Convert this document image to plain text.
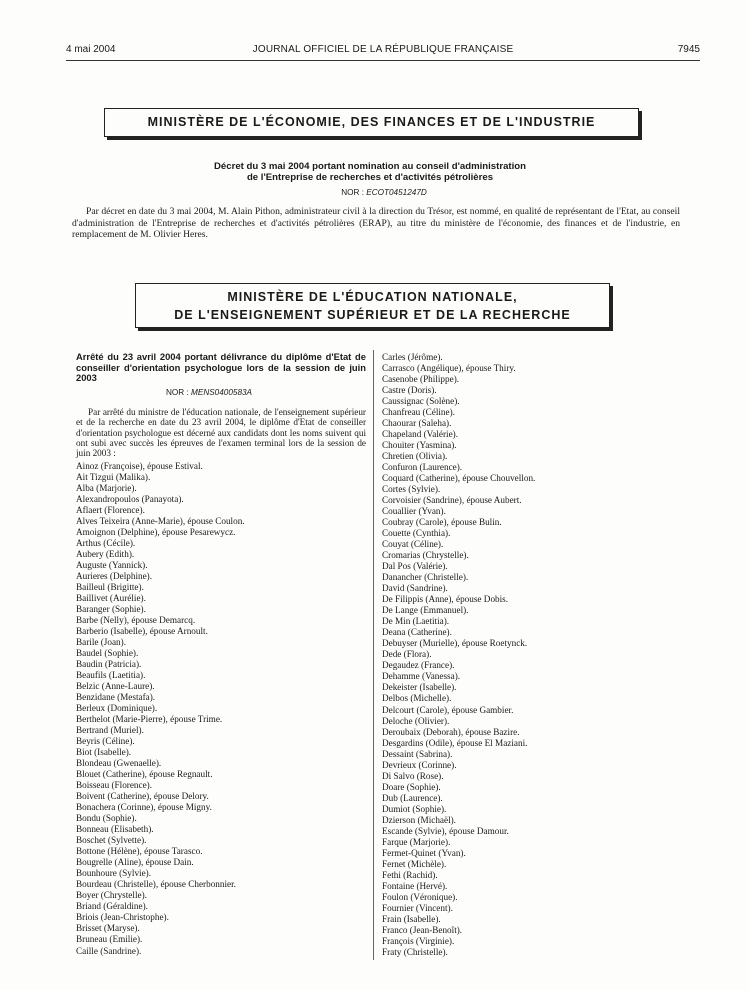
4 mai 2004	JOURNAL OFFICIEL DE LA RÉPUBLIQUE FRANÇAISE	7945
MINISTÈRE DE L'ÉCONOMIE, DES FINANCES ET DE L'INDUSTRIE
Décret du 3 mai 2004 portant nomination au conseil d'administration
de l'Entreprise de recherches et d'activités pétrolières
NOR : ECOT0451247D
Par décret en date du 3 mai 2004, M. Alain Pithon, administrateur civil à la direction du Trésor, est nommé, en qualité de représentant de l'Etat, au conseil d'administration de l'Entreprise de recherches et d'activités pétrolières (ERAP), au titre du ministère de l'économie, des finances et de l'industrie, en remplacement de M. Olivier Heres.
MINISTÈRE DE L'ÉDUCATION NATIONALE,
DE L'ENSEIGNEMENT SUPÉRIEUR ET DE LA RECHERCHE

Arrêté du 23 avril 2004 portant délivrance du diplôme d'Etat de conseiller d'orientation psychologue lors de la session de juin 2003

NOR : MENS0400583A
Par arrêté du ministre de l'éducation nationale, de l'enseignement supérieur et de la recherche en date du 23 avril 2004, le diplôme d'Etat de conseiller d'orientation psychologue est décerné aux candidats dont les noms suivent qui ont subi avec succès les épreuves de l'examen terminal lors de la session de juin 2003 :
Ainoz (Françoise), épouse Estival.
Ait Tizgui (Malika).
Alba (Marjorie).
Alexandropoulos (Panayota).
Aflaert (Florence).
Alves Teixeira (Anne-Marie), épouse Coulon.
Amoignon (Delphine), épouse Pesarewycz.
Arthus (Cécile).
Aubery (Edith).
Auguste (Yannick).
Aurieres (Delphine).
Bailleul (Brigitte).
Baillivet (Aurélie).
Baranger (Sophie).
Barbe (Nelly), épouse Demarcq.
Barberio (Isabelle), épouse Arnoult.
Barile (Joan).
Baudel (Sophie).
Baudin (Patricia).
Beaufils (Laetitia).
Belzic (Anne-Laure).
Benzidane (Mestafa).
Berleux (Dominique).
Berthelot (Marie-Pierre), épouse Trime.
Bertrand (Muriel).
Beyris (Céline).
Biot (Isabelle).
Blondeau (Gwenaelle).
Blouet (Catherine), épouse Regnault.
Boisseau (Florence).
Boivent (Catherine), épouse Delory.
Bonachera (Corinne), épouse Migny.
Bondu (Sophie).
Bonneau (Elisabeth).
Boschet (Sylvette).
Bottone (Hélène), épouse Tarasco.
Bougrelle (Aline), épouse Dain.
Bounhoure (Sylvie).
Bourdeau (Christelle), épouse Cherbonnier.
Boyer (Chrystelle).
Briand (Géraldine).
Briois (Jean-Christophe).
Brisset (Maryse).
Bruneau (Emilie).
Caille (Sandrine).
Carles (Jérôme).
Carrasco (Angélique), épouse Thiry.
Casenobe (Philippe).
Castre (Doris).
Caussignac (Solène).
Chanfreau (Céline).
Chaourar (Saleha).
Chapeland (Valérie).
Chouiter (Yasmina).
Chretien (Olivia).
Confuron (Laurence).
Coquard (Catherine), épouse Chouvellon.
Cortes (Sylvie).
Corvoisier (Sandrine), épouse Aubert.
Couallier (Yvan).
Coubray (Carole), épouse Bulin.
Couette (Cynthia).
Couyat (Céline).
Cromarias (Chrystelle).
Dal Pos (Valérie).
Danancher (Christelle).
David (Sandrine).
De Filippis (Anne), épouse Dobis.
De Lange (Emmanuel).
De Min (Laetitia).
Deana (Catherine).
Debuyser (Murielle), épouse Roetynck.
Dede (Flora).
Degaudez (France).
Dehamme (Vanessa).
Dekeister (Isabelle).
Delbos (Michelle).
Delcourt (Carole), épouse Gambier.
Deloche (Olivier).
Deroubaix (Deborah), épouse Bazire.
Desgardins (Odile), épouse El Maziani.
Dessaint (Sabrina).
Devrieux (Corinne).
Di Salvo (Rose).
Doare (Sophie).
Dub (Laurence).
Dumiot (Sophie).
Dzierson (Michaël).
Escande (Sylvie), épouse Damour.
Farque (Marjorie).
Fermet-Quinet (Yvan).
Fernet (Michèle).
Fethi (Rachid).
Fontaine (Hervé).
Foulon (Véronique).
Fournier (Vincent).
Frain (Isabelle).
Franco (Jean-Benoît).
François (Virginie).
Fraty (Christelle).
